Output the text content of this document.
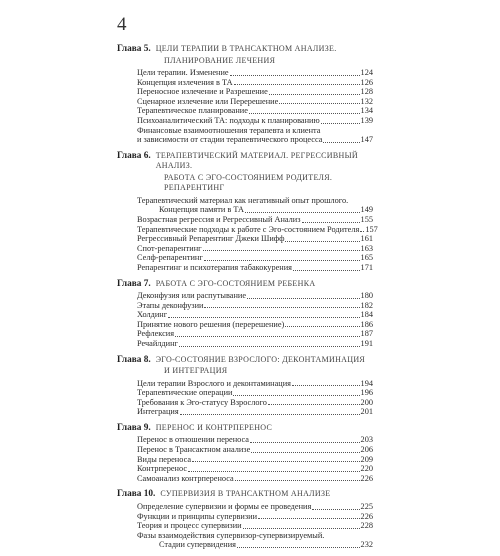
4
Глава 5. ЦЕЛИ ТЕРАПИИ В ТРАНСАКТНОМ АНАЛИЗЕ.
ПЛАНИРОВАНИЕ ЛЕЧЕНИЯ
Цели терапии. Изменение	124
Концепция излечения в ТА	126
Переносное излечение и Разрешение	128
Сценарное излечение или Перерешение	132
Терапевтическое планирование	134
Психоаналитический ТА: подходы к планированию	139
Финансовые взаимоотношения терапевта и клиента
и зависимости от стадии терапевтического процесса	147
Глава 6. ТЕРАПЕВТИЧЕСКИЙ МАТЕРИАЛ. РЕГРЕССИВНЫЙ АНАЛИЗ.
РАБОТА С ЭГО-СОСТОЯНИЕМ РОДИТЕЛЯ. РЕПАРЕНТИНГ
Терапевтический материал как негативный опыт прошлого.
Концепция памяти в ТА	149
Возрастная регрессия и Регрессивный Анализ	155
Терапевтические подходы к работе с Эго-состоянием Родителя 157
Регрессивный Репарентинг Джеки Шифф	161
Спот-репарентинг	163
Селф-репарентинг	165
Репарентинг и психотерапия табакокурения	171
Глава 7. РАБОТА С ЭГО-СОСТОЯНИЕМ РЕБЕНКА
Деконфузия или распутывание	180
Этапы деконфузии	182
Холдинг	184
Принятие нового решения (перерешение)	186
Рефлексия	187
Речайлдинг	191
Глава 8. ЭГО-СОСТОЯНИЕ ВЗРОСЛОГО: ДЕКОНТАМИНАЦИЯ
И ИНТЕГРАЦИЯ
Цели терапии Взрослого и деконтаминация	194
Терапевтические операции	196
Требования к Эго-статусу Взрослого	200
Интеграция	201
Глава 9. ПЕРЕНОС И КОНТРПЕРЕНОС
Перенос в отношении переноса	203
Перенос в Трансактном анализе	206
Виды переноса	209
Контрперенос	220
Самоанализ контрпереноса	226
Глава 10. СУПЕРВИЗИЯ В ТРАНСАКТНОМ АНАЛИЗЕ
Определение супервизии и формы ее проведения	225
Функции и принципы супервизии	226
Теория и процесс супервизии	228
Фазы взаимодействия супервизор-супервизируемый.
Стадии супервидения	232
